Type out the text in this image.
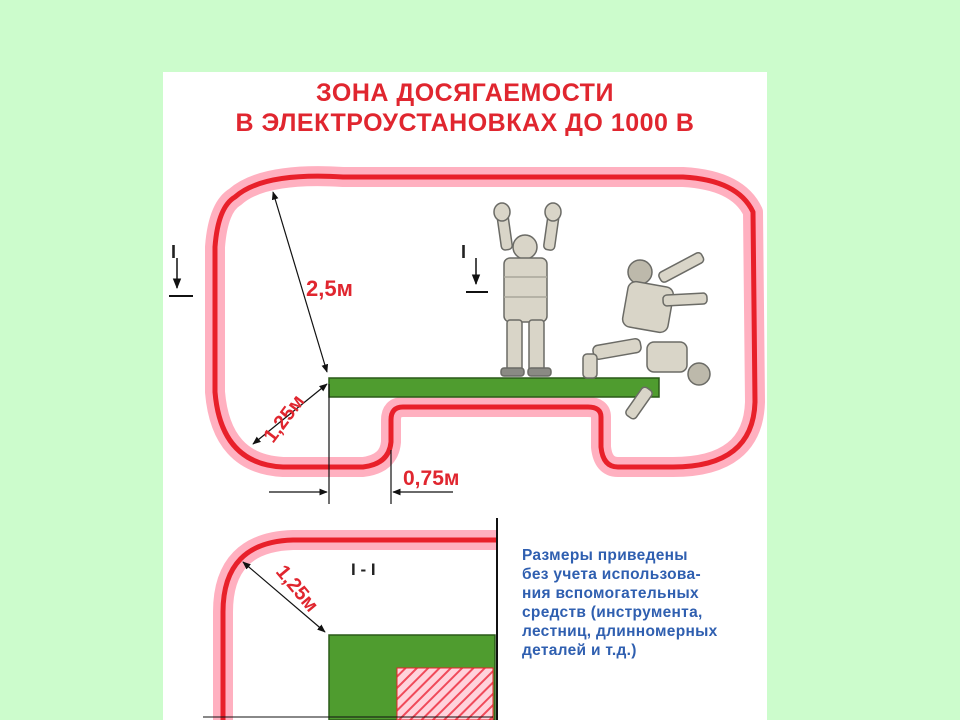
I	I
2,5м
1,25м
0,75м
1,25м I - I
ЗОНА ДОСЯГАЕМОСТИ
В ЭЛЕКТРОУСТАНОВКАХ ДО 1000 В
Размеры приведены
без учета использова-
ния вспомогательных
средств (инструмента,
лестниц, длинномерных
деталей и т.д.)
